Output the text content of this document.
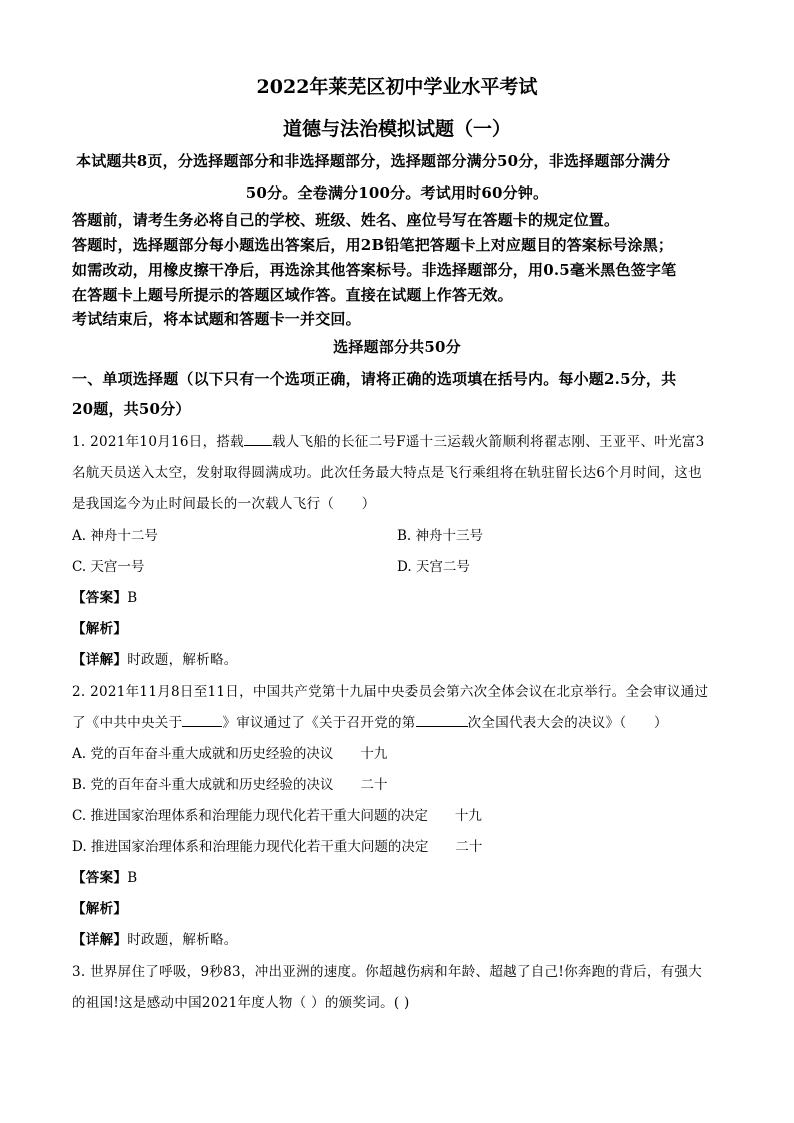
2022年莱芜区初中学业水平考试
道德与法治模拟试题（一）
本试题共8页，分选择题部分和非选择题部分，选择题部分满分50分，非选择题部分满分
50分。全卷满分100分。考试用时60分钟。
答题前，请考生务必将自己的学校、班级、姓名、座位号写在答题卡的规定位置。
答题时，选择题部分每小题选出答案后，用2B铅笔把答题卡上对应题目的答案标号涂黑；
如需改动，用橡皮擦干净后，再选涂其他答案标号。非选择题部分，用0.5毫米黑色签字笔
在答题卡上题号所提示的答题区域作答。直接在试题上作答无效。
考试结束后，将本试题和答题卡一并交回。
选择题部分共50分
一、单项选择题（以下只有一个选项正确，请将正确的选项填在括号内。每小题2.5分，共
20题，共50分）
1. 2021年10月16日，搭载 载人飞船的长征二号F遥十三运载火箭顺利将翟志刚、王亚平、叶光富3
名航天员送入太空，发射取得圆满成功。此次任务最大特点是飞行乘组将在轨驻留长达6个月时间，这也
是我国迄今为止时间最长的一次载人飞行（　　）
A. 神舟十二号	B. 神舟十三号
C. 天宫一号	D. 天宫二号
【答案】B
【解析】
【详解】时政题，解析略。
2. 2021年11月8日至11日，中国共产党第十九届中央委员会第六次全体会议在北京举行。全会审议通过
了《中共中央关于	》审议通过了《关于召开党的第	次全国代表大会的决议》（　　）
A. 党的百年奋斗重大成就和历史经验的决议　　十九
B. 党的百年奋斗重大成就和历史经验的决议　　二十
C. 推进国家治理体系和治理能力现代化若干重大问题的决定　　十九
D. 推进国家治理体系和治理能力现代化若干重大问题的决定　　二十
【答案】B
【解析】
【详解】时政题，解析略。
3. 世界屏住了呼吸，9秒83，冲出亚洲的速度。你超越伤病和年龄、超越了自己!你奔跑的背后，有强大
的祖国!这是感动中国2021年度人物（ ）的颁奖词。( )
